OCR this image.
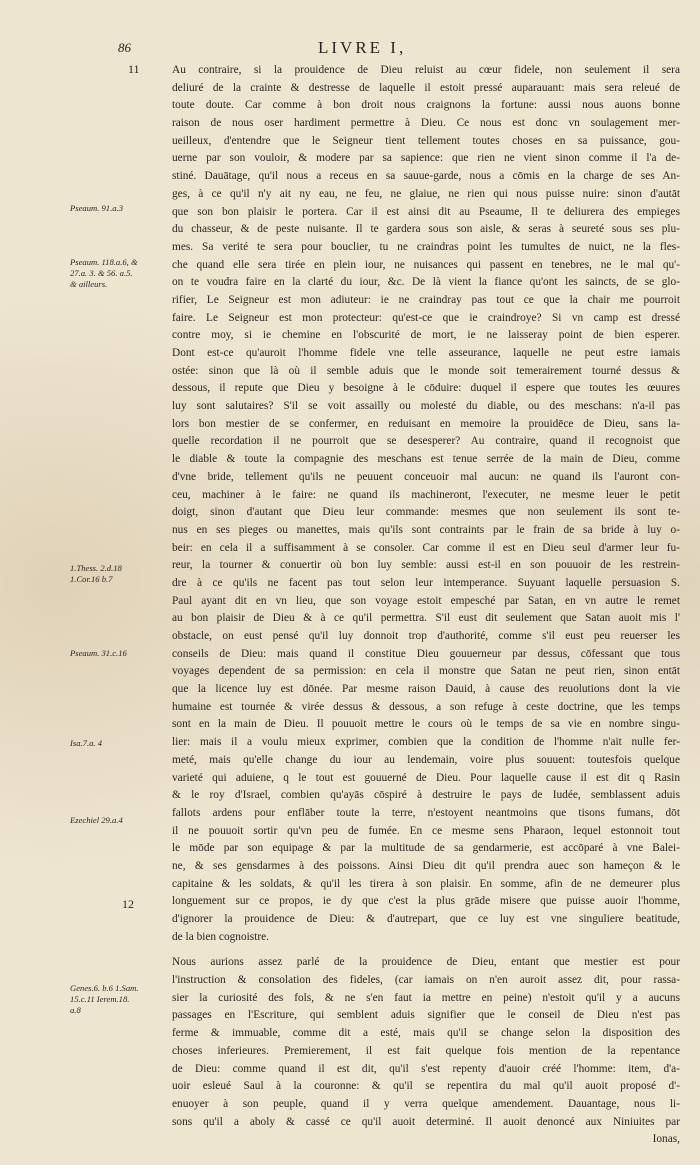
86	LIVRE I,
11
12
Pseaum. 91.a.3
Pseaum. 118.a.6, & 27.a. 3. & 56. a.5. & ailleurs.
1.Thess. 2.d.18 1.Cor.16 b.7
Pseaum. 31.c.16
Isa.7.a. 4
Ezechiel 29.a.4
Genes.6. b.6 1.Sam. 15.c.11 Ierem.18. a.8
Au contraire, si la prouidence de Dieu reluist au cœur fidele, non seulement il sera
deliuré de la crainte & destresse de laquelle il estoit pressé auparauant: mais sera releué de
toute doute. Car comme à bon droit nous craignons la fortune: aussi nous auons bonne
raison de nous oser hardiment permettre à Dieu. Ce nous est donc vn soulagement mer-
ueilleux, d'entendre que le Seigneur tient tellement toutes choses en sa puissance, gou-
uerne par son vouloir, & modere par sa sapience: que rien ne vient sinon comme il l'a de-
stiné. Dauātage, qu'il nous a receus en sa sauue-garde, nous a cōmis en la charge de ses An-
ges, à ce qu'il n'y ait ny eau, ne feu, ne glaiue, ne rien qui nous puisse nuire: sinon d'autāt
que son bon plaisir le portera. Car il est ainsi dit au Pseaume, Il te deliurera des empieges
du chasseur, & de peste nuisante. Il te gardera sous son aisle, & seras à seureté sous ses plu-
mes. Sa verité te sera pour bouclier, tu ne craindras point les tumultes de nuict, ne la fles-
che quand elle sera tirée en plein iour, ne nuisances qui passent en tenebres, ne le mal qu'-
on te voudra faire en la clarté du iour, &c. De là vient la fiance qu'ont les saincts, de se glo-
rifier, Le Seigneur est mon adiuteur: ie ne craindray pas tout ce que la chair me pourroit
faire. Le Seigneur est mon protecteur: qu'est-ce que ie craindroye? Si vn camp est dressé
contre moy, si ie chemine en l'obscurité de mort, ie ne laisseray point de bien esperer.
Dont est-ce qu'auroit l'homme fidele vne telle asseurance, laquelle ne peut estre iamais
ostée: sinon que là où il semble aduis que le monde soit temerairement tourné dessus &
dessous, il repute que Dieu y besoigne à le cōduire: duquel il espere que toutes les œuures
luy sont salutaires? S'il se voit assailly ou molesté du diable, ou des meschans: n'a-il pas
lors bon mestier de se confermer, en reduisant en memoire la prouidēce de Dieu, sans la-
quelle recordation il ne pourroit que se desesperer? Au contraire, quand il recognoist que
le diable & toute la compagnie des meschans est tenue serrée de la main de Dieu, comme
d'vne bride, tellement qu'ils ne peuuent conceuoir mal aucun: ne quand ils l'auront con-
ceu, machiner à le faire: ne quand ils machineront, l'executer, ne mesme leuer le petit
doigt, sinon d'autant que Dieu leur commande: mesmes que non seulement ils sont te-
nus en ses pieges ou manettes, mais qu'ils sont contraints par le frain de sa bride à luy o-
beir: en cela il a suffisamment à se consoler. Car comme il est en Dieu seul d'armer leur fu-
reur, la tourner & conuertir où bon luy semble: aussi est-il en son pouuoir de les restrein-
dre à ce qu'ils ne facent pas tout selon leur intemperance. Suyuant laquelle persuasion S.
Paul ayant dit en vn lieu, que son voyage estoit empesché par Satan, en vn autre le remet
au bon plaisir de Dieu & à ce qu'il permettra. S'il eust dit seulement que Satan auoit mis l'
obstacle, on eust pensé qu'il luy donnoit trop d'authorité, comme s'il eust peu reuerser les
conseils de Dieu: mais quand il constitue Dieu gouuerneur par dessus, cōfessant que tous
voyages dependent de sa permission: en cela il monstre que Satan ne peut rien, sinon entāt
que la licence luy est dōnée. Par mesme raison Dauid, à cause des reuolutions dont la vie
humaine est tournée & virée dessus & dessous, a son refuge à ceste doctrine, que les temps
sont en la main de Dieu. Il pouuoit mettre le cours où le temps de sa vie en nombre singu-
lier: mais il a voulu mieux exprimer, combien que la condition de l'homme n'ait nulle fer-
meté, mais qu'elle change du iour au lendemain, voire plus souuent: toutesfois quelque
varieté qui aduiene, q le tout est gouuerné de Dieu. Pour laquelle cause il est dit q Rasin
& le roy d'Israel, combien qu'ayās cōspiré à destruire le pays de Iudée, semblassent aduis
fallots ardens pour enflāber toute la terre, n'estoyent neantmoins que tisons fumans, dōt
il ne pouuoit sortir qu'vn peu de fumée. En ce mesme sens Pharaon, lequel estonnoit tout
le mōde par son equipage & par la multitude de sa gendarmerie, est accōparé à vne Balei-
ne, & ses gensdarmes à des poissons. Ainsi Dieu dit qu'il prendra auec son hameçon & le
capitaine & les soldats, & qu'il les tirera à son plaisir. En somme, afin de ne demeurer plus
longuement sur ce propos, ie dy que c'est la plus grāde misere que puisse auoir l'homme,
d'ignorer la prouidence de Dieu: & d'autrepart, que ce luy est vne singuliere beatitude,
de la bien cognoistre.
Nous aurions assez parlé de la prouidence de Dieu, entant que mestier est pour
l'instruction & consolation des fideles, (car iamais on n'en auroit assez dit, pour rassa-
sier la curiosité des fols, & ne s'en faut ia mettre en peine) n'estoit qu'il y a aucuns
passages en l'Escriture, qui semblent aduis signifier que le conseil de Dieu n'est pas
ferme & immuable, comme dit a esté, mais qu'il se change selon la disposition des
choses inferieures. Premierement, il est fait quelque fois mention de la repentance
de Dieu: comme quand il est dit, qu'il s'est repenty d'auoir créé l'homme: item, d'a-
uoir esleué Saul à la couronne: & qu'il se repentira du mal qu'il auoit proposé d'-
enuoyer à son peuple, quand il y verra quelque amendement. Dauantage, nous li-
sons qu'il a aboly & cassé ce qu'il auoit determiné. Il auoit denoncé aux Niniuites par
Ionas,
